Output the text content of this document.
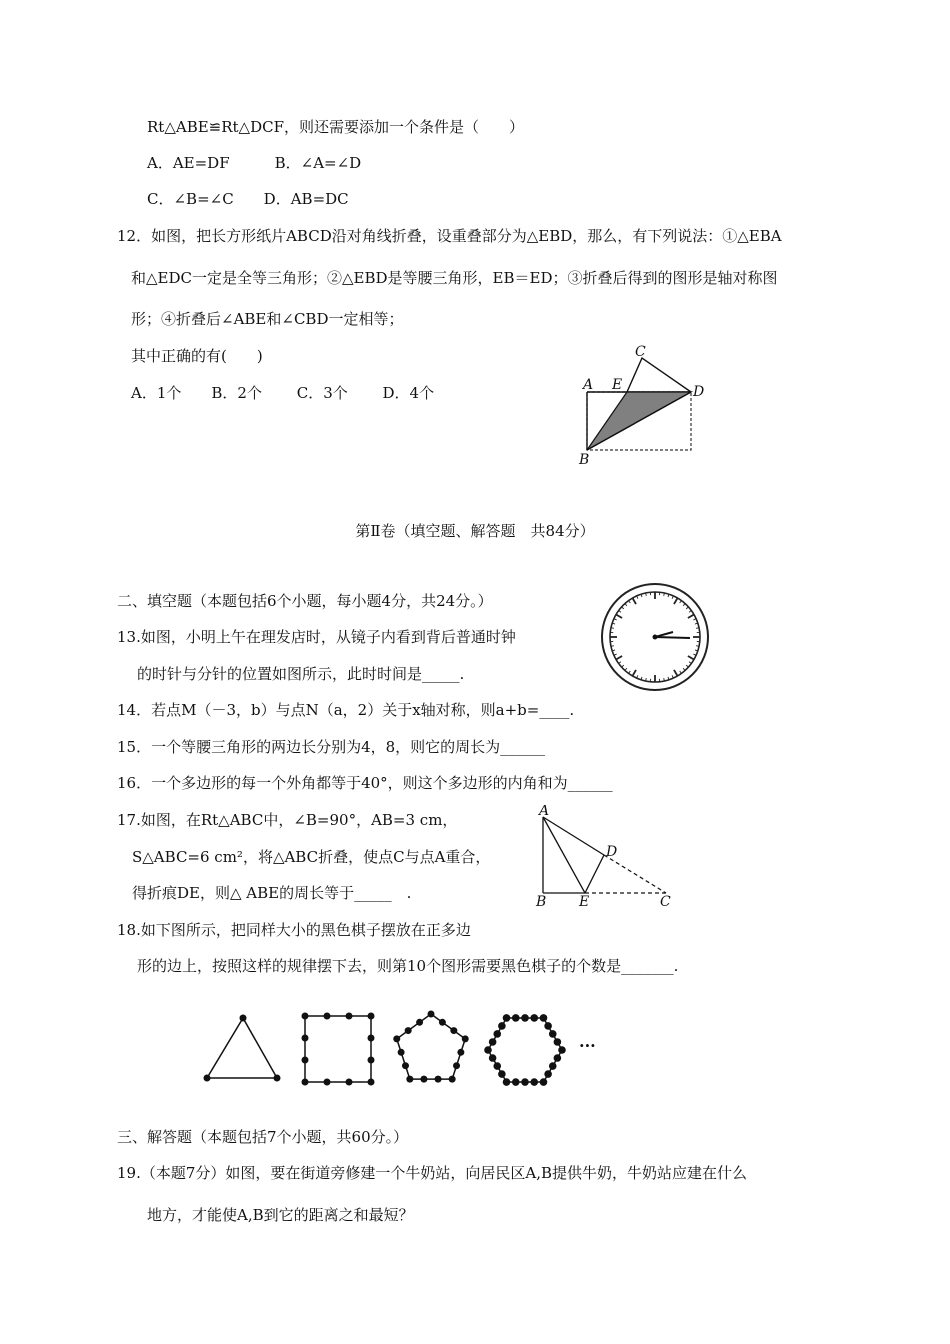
Rt△ABE≌Rt△DCF，则还需要添加一个条件是（　　）
A．AE=DF　　　B．∠A=∠D
C．∠B=∠C　　D．AB=DC
12．如图，把长方形纸片ABCD沿对角线折叠，设重叠部分为△EBD，那么，有下列说法：①△EBA
和△EDC一定是全等三角形；②△EBD是等腰三角形，EB＝ED；③折叠后得到的图形是轴对称图
形；④折叠后∠ABE和∠CBD一定相等；
其中正确的有(　　)
A．1个　　B．2个　　 C．3个　　 D．4个	A E
C
D
B
第Ⅱ卷（填空题、解答题　共84分）
二、填空题（本题包括6个小题，每小题4分，共24分。）
13.如图，小明上午在理发店时，从镜子内看到背后普通时钟
的时针与分针的位置如图所示，此时时间是_____.
14．若点M（－3，b）与点N（a，2）关于x轴对称，则a+b=____.
15．一个等腰三角形的两边长分别为4，8，则它的周长为______
16．一个多边形的每一个外角都等于40°，则这个多边形的内角和为______
17.如图，在Rt△ABC中，∠B=90°，AB=3 cm，
S△ABC=6 cm²，将△ABC折叠，使点C与点A重合，
得折痕DE，则△ ABE的周长等于_____　.
A
D
B E	C
18.如下图所示，把同样大小的黑色棋子摆放在正多边
形的边上，按照这样的规律摆下去，则第10个图形需要黑色棋子的个数是_______.
···
三、解答题（本题包括7个小题，共60分。）
19.（本题7分）如图，要在街道旁修建一个牛奶站，向居民区A,B提供牛奶，牛奶站应建在什么
地方，才能使A,B到它的距离之和最短？
